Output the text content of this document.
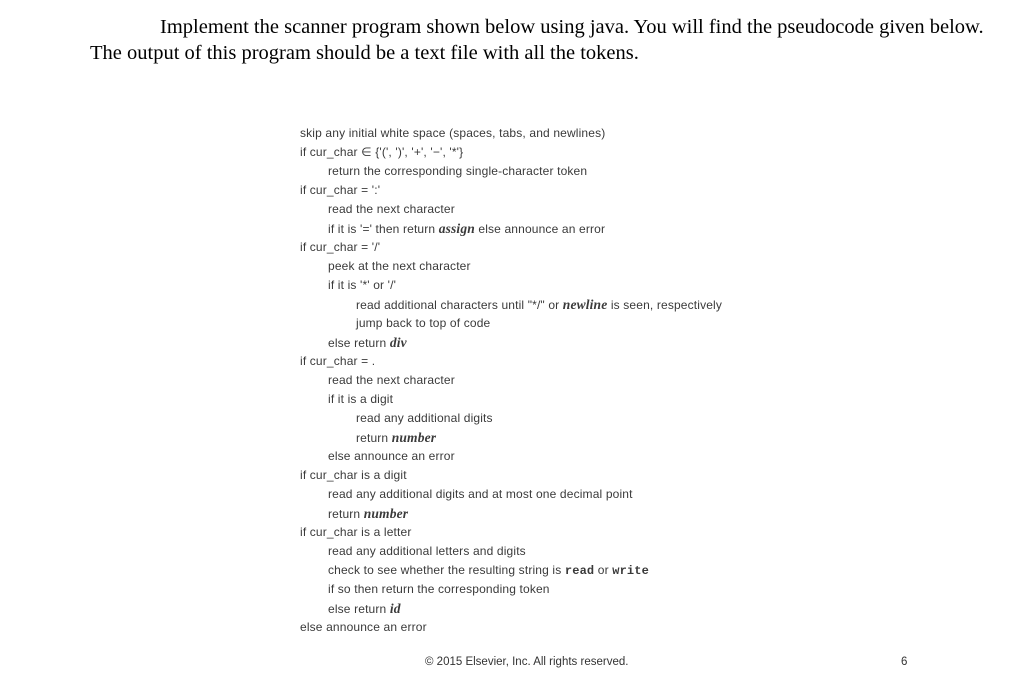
Implement the scanner program shown below using java. You will find the pseudocode given below. The output of this program should be a text file with all the tokens.

skip any initial white space (spaces, tabs, and newlines)
if cur_char ∈ {'(', ')', '+', '−', '*'}
return the corresponding single-character token
if cur_char = ':'
read the next character
if it is '=' then return assign else announce an error
if cur_char = '/'
peek at the next character
if it is '*' or '/'
read additional characters until "*/" or newline is seen, respectively
jump back to top of code
else return div
if cur_char = .
read the next character
if it is a digit
read any additional digits
return number
else announce an error
if cur_char is a digit
read any additional digits and at most one decimal point
return number
if cur_char is a letter
read any additional letters and digits
check to see whether the resulting string is read or write
if so then return the corresponding token
else return id
else announce an error
© 2015 Elsevier, Inc. All rights reserved.	6
